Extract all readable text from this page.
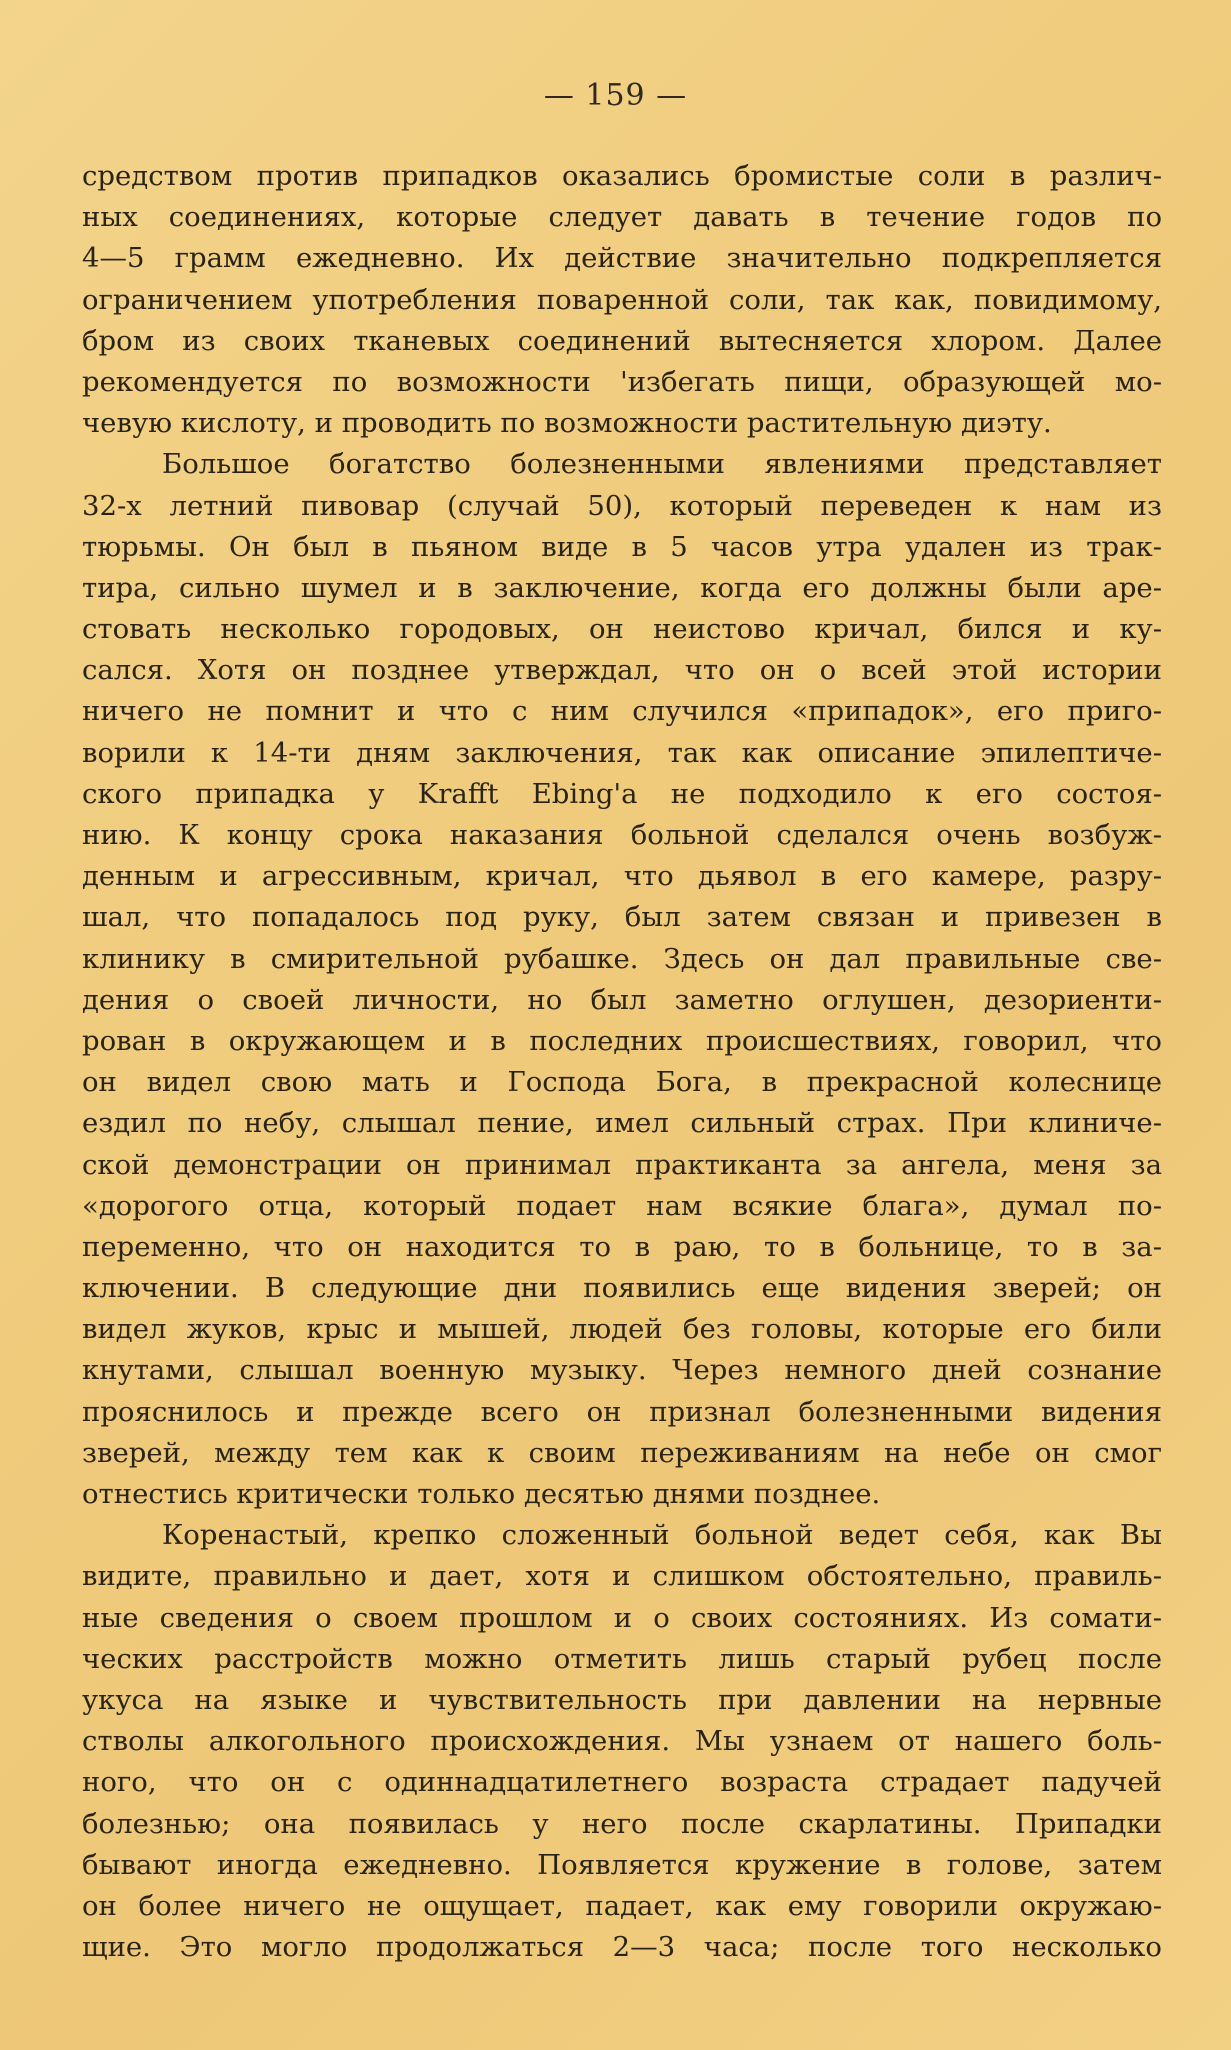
— 159 —
средством против припадков оказались бромистые соли в различ-
ных соединениях, которые следует давать в течение годов по
4—5 грамм ежедневно. Их действие значительно подкрепляется
ограничением употребления поваренной соли, так как, повидимому,
бром из своих тканевых соединений вытесняется хлором. Далее
рекомендуется по возможности 'избегать пищи, образующей мо-
чевую кислоту, и проводить по возможности растительную диэту.
Большое богатство болезненными явлениями представляет
32-х летний пивовар (случай 50), который переведен к нам из
тюрьмы. Он был в пьяном виде в 5 часов утра удален из трак-
тира, сильно шумел и в заключение, когда его должны были аре-
стовать несколько городовых, он неистово кричал, бился и ку-
сался. Хотя он позднее утверждал, что он о всей этой истории
ничего не помнит и что с ним случился «припадок», его приго-
ворили к 14-ти дням заключения, так как описание эпилептиче-
ского припадка у Krafft Ebing'a не подходило к его состоя-
нию. К концу срока наказания больной сделался очень возбуж-
денным и агрессивным, кричал, что дьявол в его камере, разру-
шал, что попадалось под руку, был затем связан и привезен в
клинику в смирительной рубашке. Здесь он дал правильные све-
дения о своей личности, но был заметно оглушен, дезориенти-
рован в окружающем и в последних происшествиях, говорил, что
он видел свою мать и Господа Бога, в прекрасной колеснице
ездил по небу, слышал пение, имел сильный страх. При клиниче-
ской демонстрации он принимал практиканта за ангела, меня за
«дорогого отца, который подает нам всякие блага», думал по-
переменно, что он находится то в раю, то в больнице, то в за-
ключении. В следующие дни появились еще видения зверей; он
видел жуков, крыс и мышей, людей без головы, которые его били
кнутами, слышал военную музыку. Через немного дней сознание
прояснилось и прежде всего он признал болезненными видения
зверей, между тем как к своим переживаниям на небе он смог
отнестись критически только десятью днями позднее.
Коренастый, крепко сложенный больной ведет себя, как Вы
видите, правильно и дает, хотя и слишком обстоятельно, правиль-
ные сведения о своем прошлом и о своих состояниях. Из сомати-
ческих расстройств можно отметить лишь старый рубец после
укуса на языке и чувствительность при давлении на нервные
стволы алкогольного происхождения. Мы узнаем от нашего боль-
ного, что он с одиннадцатилетнего возраста страдает падучей
болезнью; она появилась у него после скарлатины. Припадки
бывают иногда ежедневно. Появляется кружение в голове, затем
он более ничего не ощущает, падает, как ему говорили окружаю-
щие. Это могло продолжаться 2—3 часа; после того несколько
